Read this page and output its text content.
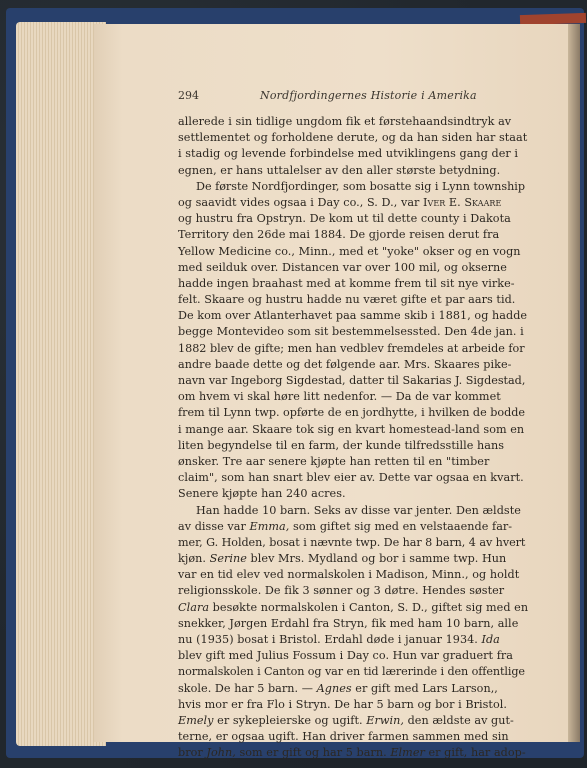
294	Nordfjordingernes Historie i Amerika
allerede i sin tidlige ungdom fik et førstehaandsindtryk av
settlementet og forholdene derute, og da han siden har staat
i stadig og levende forbindelse med utviklingens gang der i
egnen, er hans uttalelser av den aller største betydning.
De første Nordfjordinger, som bosatte sig i Lynn township
og saavidt vides ogsaa i Day co., S. D., var Iver E. Skaare
og hustru fra Opstryn. De kom ut til dette county i Dakota
Territory den 26de mai 1884. De gjorde reisen derut fra
Yellow Medicine co., Minn., med et "yoke" okser og en vogn
med seilduk over. Distancen var over 100 mil, og okserne
hadde ingen braahast med at komme frem til sit nye virke-
felt. Skaare og hustru hadde nu været gifte et par aars tid.
De kom over Atlanterhavet paa samme skib i 1881, og hadde
begge Montevideo som sit bestemmelsessted. Den 4de jan. i
1882 blev de gifte; men han vedblev fremdeles at arbeide for
andre baade dette og det følgende aar. Mrs. Skaares pike-
navn var Ingeborg Sigdestad, datter til Sakarias J. Sigdestad,
om hvem vi skal høre litt nedenfor. — Da de var kommet
frem til Lynn twp. opførte de en jordhytte, i hvilken de bodde
i mange aar. Skaare tok sig en kvart homestead-land som en
liten begyndelse til en farm, der kunde tilfredsstille hans
ønsker. Tre aar senere kjøpte han retten til en "timber
claim", som han snart blev eier av. Dette var ogsaa en kvart.
Senere kjøpte han 240 acres.
Han hadde 10 barn. Seks av disse var jenter. Den ældste
av disse var Emma, som giftet sig med en velstaaende far-
mer, G. Holden, bosat i nævnte twp. De har 8 barn, 4 av hvert
kjøn. Serine blev Mrs. Mydland og bor i samme twp. Hun
var en tid elev ved normalskolen i Madison, Minn., og holdt
religionsskole. De fik 3 sønner og 3 døtre. Hendes søster
Clara besøkte normalskolen i Canton, S. D., giftet sig med en
snekker, Jørgen Erdahl fra Stryn, fik med ham 10 barn, alle
nu (1935) bosat i Bristol. Erdahl døde i januar 1934. Ida
blev gift med Julius Fossum i Day co. Hun var graduert fra
normalskolen i Canton og var en tid lærerinde i den offentlige
skole. De har 5 barn. — Agnes er gift med Lars Larson,,
hvis mor er fra Flo i Stryn. De har 5 barn og bor i Bristol.
Emely er sykepleierske og ugift. Erwin, den ældste av gut-
terne, er ogsaa ugift. Han driver farmen sammen med sin
bror John, som er gift og har 5 barn. Elmer er gift, har adop-
